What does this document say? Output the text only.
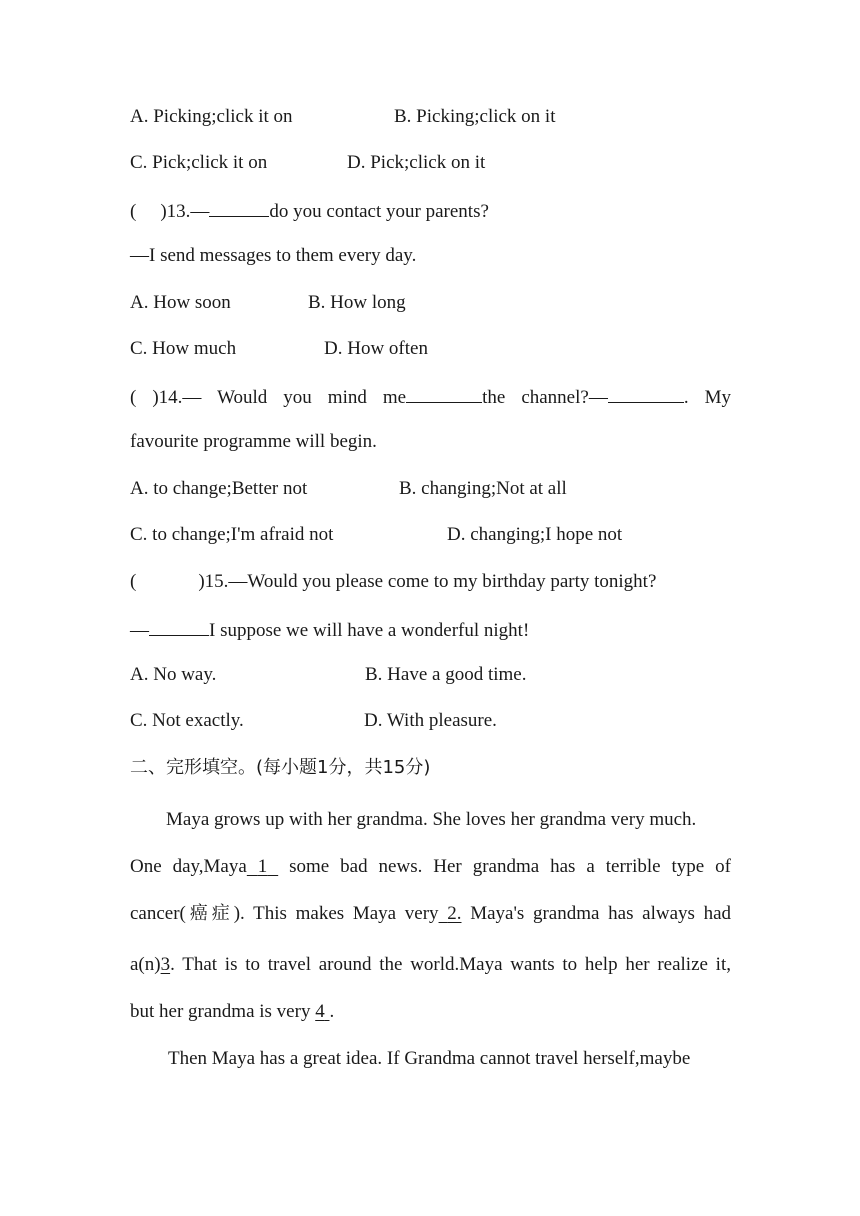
A. Picking;click it on	B. Picking;click on it
C. Pick;click it on	D. Pick;click on it
( )13.—	do you contact your parents?
—I send messages to them every day.
A. How soon	B. How long
C. How much	D. How often
( )14.— Would you mind me	the channel?—	. My
favourite programme will begin.
A. to change;Better not	B. changing;Not at all
C. to change;I'm afraid not	D. changing;I hope not
(	)15.—Would you please come to my birthday party tonight?
—	I suppose we will have a wonderful night!
A. No way.	B. Have a good time.
C. Not exactly.	D. With pleasure.
二、完形填空。(每小题1分，共15分)
Maya grows up with her grandma. She loves her grandma very much.
One day,Maya 1 some bad news. Her grandma has a terrible type of
cancer(癌症). This makes Maya very 2. Maya's grandma has always had
a(n)3. That is to travel around the world.Maya wants to help her realize it,
but her grandma is very 4 .
Then Maya has a great idea. If Grandma cannot travel herself,maybe
